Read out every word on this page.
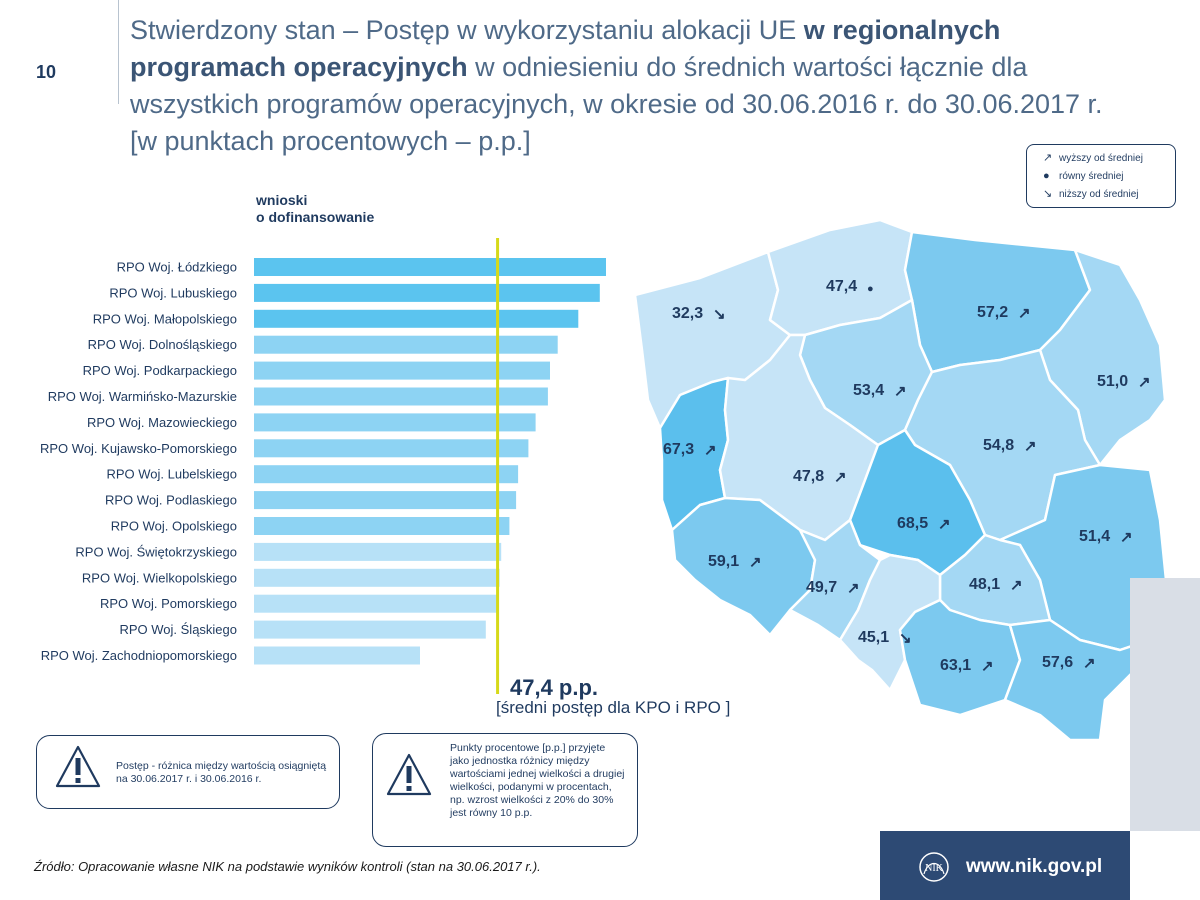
10
Stwierdzony stan – Postęp w wykorzystaniu alokacji UE w regionalnych programach operacyjnych w odniesieniu do średnich wartości łącznie dla wszystkich programów operacyjnych, w okresie od 30.06.2016 r. do 30.06.2017 r. [w punktach procentowych – p.p.]
↗ wyższy od średniej
● równy średniej
↘ niższy od średniej
wnioski
o dofinansowanie
RPO Woj. Łódzkiego
RPO Woj. Lubuskiego
RPO Woj. Małopolskiego
RPO Woj. Dolnośląskiego
RPO Woj. Podkarpackiego
RPO Woj. Warmińsko-Mazurskie
RPO Woj. Mazowieckiego
RPO Woj. Kujawsko-Pomorskiego
RPO Woj. Lubelskiego
RPO Woj. Podlaskiego
RPO Woj. Opolskiego
RPO Woj. Świętokrzyskiego
RPO Woj. Wielkopolskiego
RPO Woj. Pomorskiego
RPO Woj. Śląskiego
RPO Woj. Zachodniopomorskiego
47,4 p.p.
[średni postęp dla KPO i RPO ]
32,3 ↘
47,4 ●
57,2 ↗
51,0 ↗
53,4 ↗
54,8 ↗
67,3 ↗
47,8 ↗
68,5 ↗
51,4 ↗
59,1 ↗
49,7 ↗	48,1 ↗
45,1 ↘
63,1 ↗	57,6 ↗
Postęp - różnica między wartością osiągniętą na 30.06.2017 r. i 30.06.2016 r.
Punkty procentowe [p.p.] przyjęte jako jednostka różnicy między wartościami jednej wielkości a drugiej wielkości, podanymi w procentach, np. wzrost wielkości z 20% do 30% jest równy 10 p.p.
Źródło: Opracowanie własne NIK na podstawie wyników kontroli (stan na 30.06.2017 r.).	NIK www.nik.gov.pl
